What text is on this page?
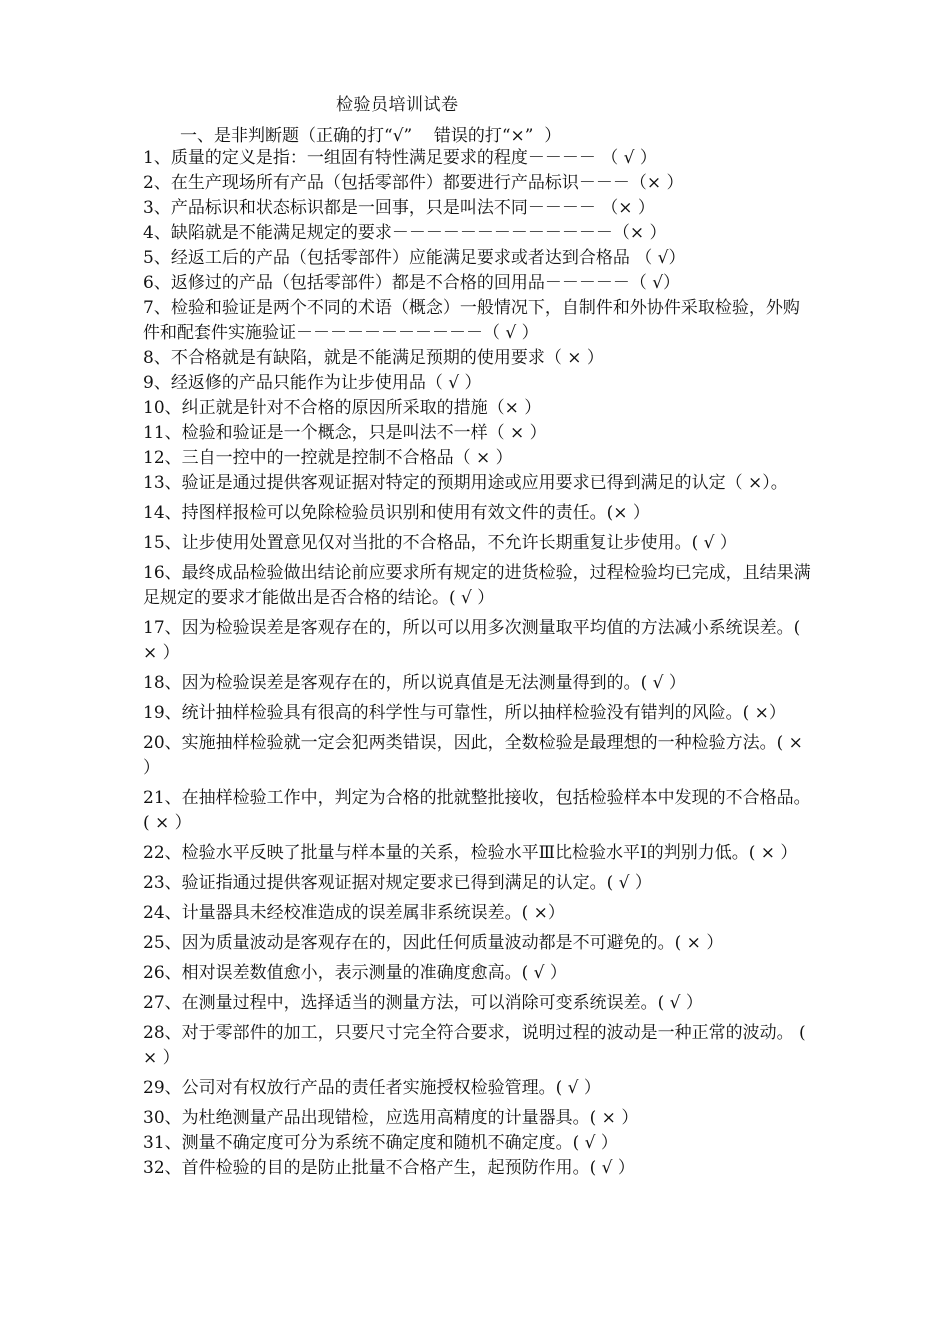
检验员培训试卷
一、是非判断题（正确的打“√”    错误的打“×”  ）

1、质量的定义是指：一组固有特性满足要求的程度－－－－ （ √ ）

2、在生产现场所有产品（包括零部件）都要进行产品标识－－－（× ）

3、产品标识和状态标识都是一回事，只是叫法不同－－－－ （× ）

4、缺陷就是不能满足规定的要求－－－－－－－－－－－－－（× ）

5、经返工后的产品（包括零部件）应能满足要求或者达到合格品 （ √）

6、返修过的产品（包括零部件）都是不合格的回用品－－－－－（ √）

7、检验和验证是两个不同的术语（概念）一般情况下，自制件和外协件采取检验，外购件和配套件实施验证－－－－－－－－－－－（ √ ）

8、不合格就是有缺陷，就是不能满足预期的使用要求（ × ）

9、经返修的产品只能作为让步使用品（ √ ）

10、纠正就是针对不合格的原因所采取的措施（× ）

11、检验和验证是一个概念，只是叫法不一样（ × ）

12、三自一控中的一控就是控制不合格品（ × ）

13、验证是通过提供客观证据对特定的预期用途或应用要求已得到满足的认定（ ×）。

14、持图样报检可以免除检验员识别和使用有效文件的责任。(× ）

15、让步使用处置意见仅对当批的不合格品，不允许长期重复让步使用。( √ ）

16、最终成品检验做出结论前应要求所有规定的进货检验，过程检验均已完成，且结果满足规定的要求才能做出是否合格的结论。( √ ）

17、因为检验误差是客观存在的，所以可以用多次测量取平均值的方法减小系统误差。( × ）

18、因为检验误差是客观存在的，所以说真值是无法测量得到的。( √ ）

19、统计抽样检验具有很高的科学性与可靠性，所以抽样检验没有错判的风险。( ×）

20、实施抽样检验就一定会犯两类错误，因此，全数检验是最理想的一种检验方法。( × ）

21、在抽样检验工作中，判定为合格的批就整批接收，包括检验样本中发现的不合格品。( × ）

22、检验水平反映了批量与样本量的关系，检验水平Ⅲ比检验水平Ⅰ的判别力低。( × ）

23、验证指通过提供客观证据对规定要求已得到满足的认定。( √ ）

24、计量器具未经校准造成的误差属非系统误差。( ×）

25、因为质量波动是客观存在的，因此任何质量波动都是不可避免的。( × ）

26、相对误差数值愈小，表示测量的准确度愈高。( √ ）

27、在测量过程中，选择适当的测量方法，可以消除可变系统误差。( √ ）

28、对于零部件的加工，只要尺寸完全符合要求，说明过程的波动是一种正常的波动。 ( × ）

29、公司对有权放行产品的责任者实施授权检验管理。( √ ）

30、为杜绝测量产品出现错检，应选用高精度的计量器具。( × ）

31、测量不确定度可分为系统不确定度和随机不确定度。( √ ）

32、首件检验的目的是防止批量不合格产生，起预防作用。( √ ）
